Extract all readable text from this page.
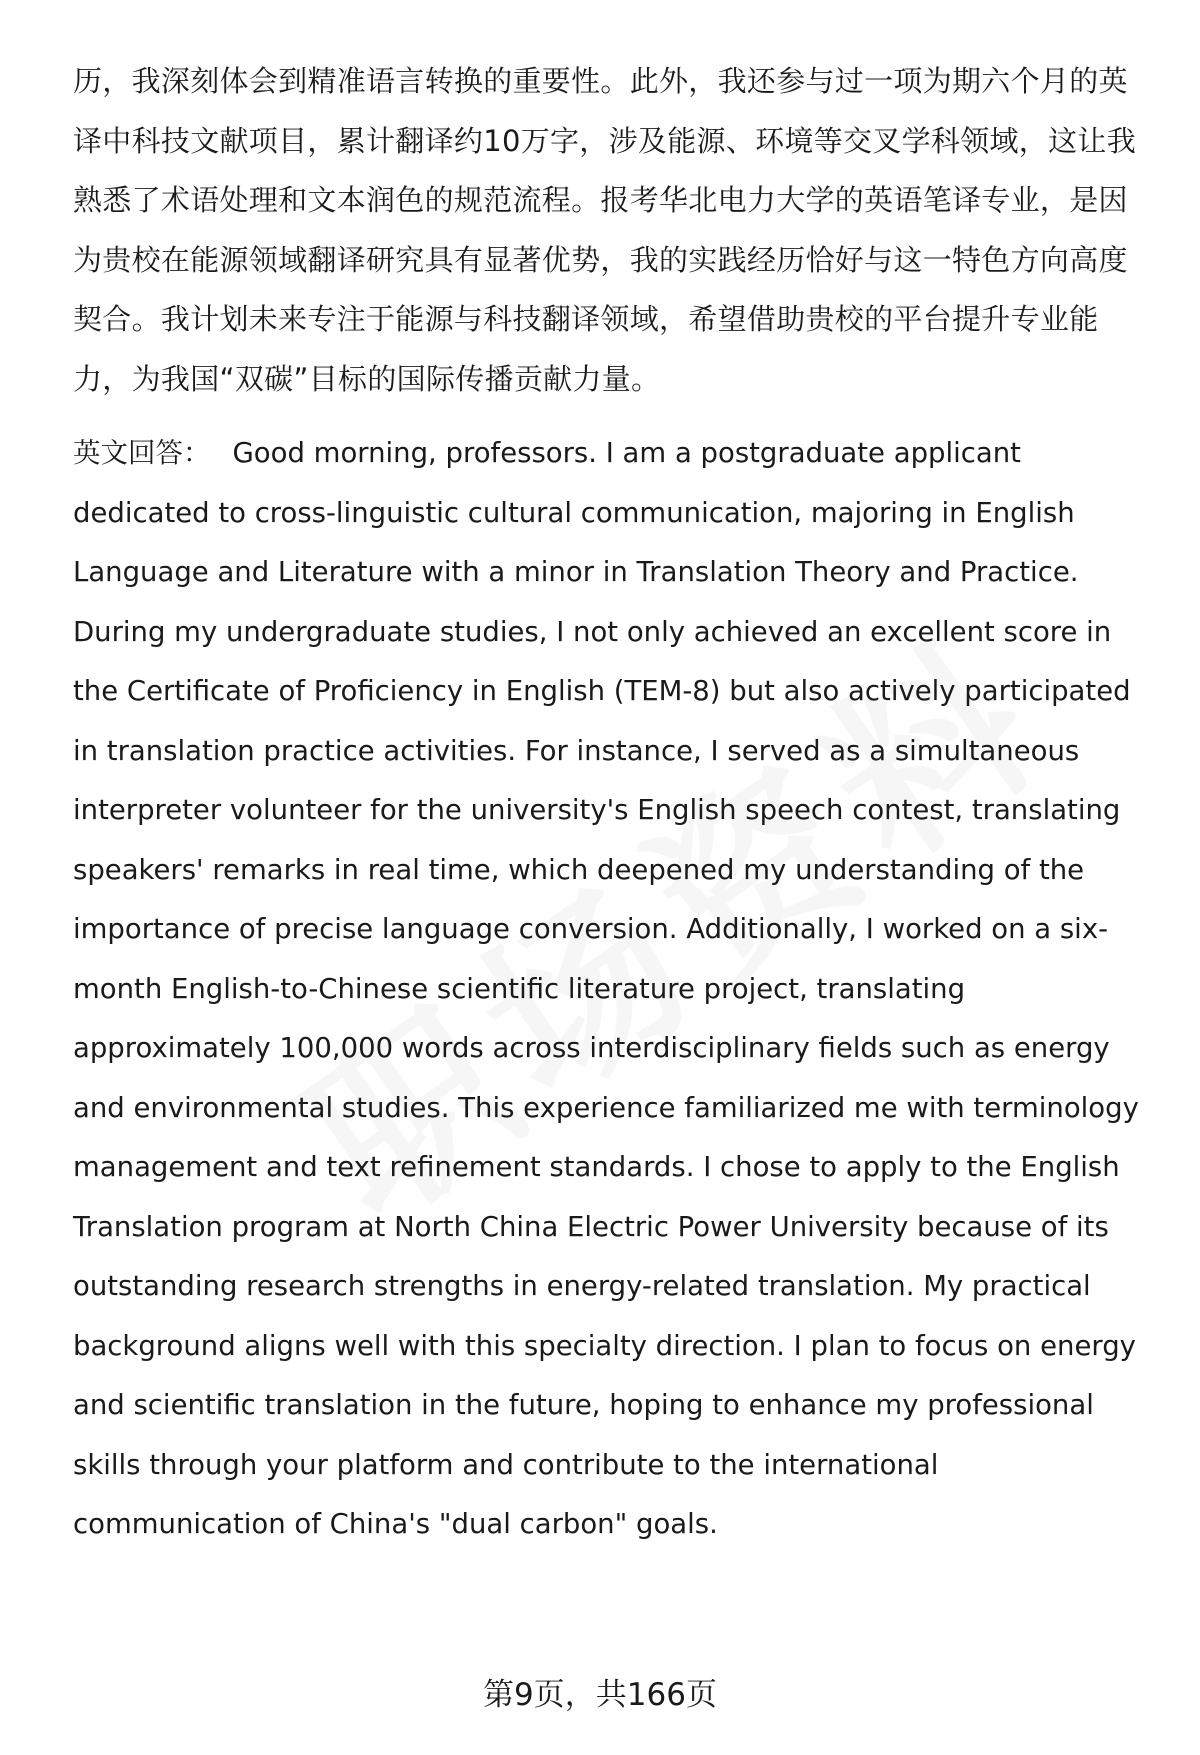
历，我深刻体会到精准语言转换的重要性。此外，我还参与过一项为期六个月的英译中科技文献项目，累计翻译约10万字，涉及能源、环境等交叉学科领域，这让我熟悉了术语处理和文本润色的规范流程。报考华北电力大学的英语笔译专业，是因为贵校在能源领域翻译研究具有显著优势，我的实践经历恰好与这一特色方向高度契合。我计划未来专注于能源与科技翻译领域，希望借助贵校的平台提升专业能力，为我国“双碳”目标的国际传播贡献力量。

英文回答： Good morning, professors. I am a postgraduate applicant dedicated to cross-linguistic cultural communication, majoring in English Language and Literature with a minor in Translation Theory and Practice. During my undergraduate studies, I not only achieved an excellent score in the Certificate of Proficiency in English (TEM-8) but also actively participated in translation practice activities. For instance, I served as a simultaneous interpreter volunteer for the university's English speech contest, translating speakers' remarks in real time, which deepened my understanding of the importance of precise language conversion. Additionally, I worked on a six-month English-to-Chinese scientific literature project, translating approximately 100,000 words across interdisciplinary fields such as energy and environmental studies. This experience familiarized me with terminology management and text refinement standards. I chose to apply to the English Translation program at North China Electric Power University because of its outstanding research strengths in energy-related translation. My practical background aligns well with this specialty direction. I plan to focus on energy and scientific translation in the future, hoping to enhance my professional skills through your platform and contribute to the international communication of China's "dual carbon" goals.

第9页，共166页
